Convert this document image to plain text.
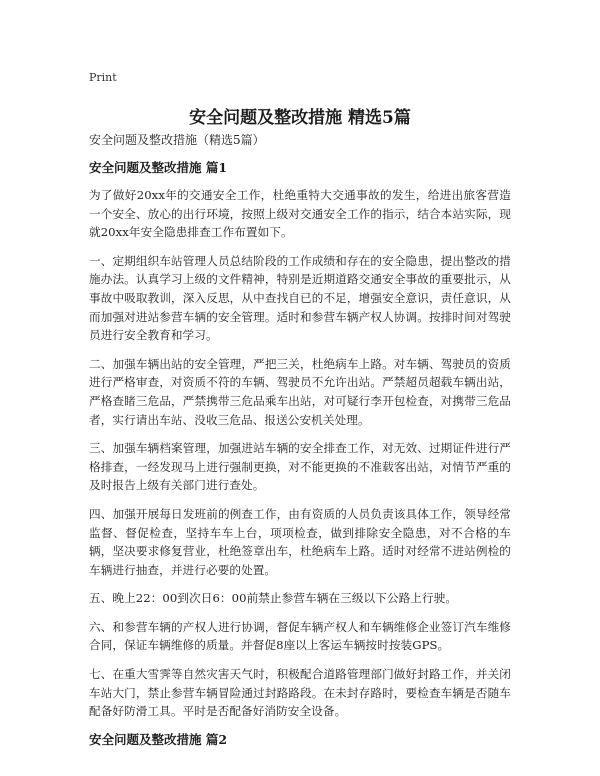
Print
安全问题及整改措施 精选5篇

安全问题及整改措施（精选5篇）

安全问题及整改措施 篇1

为了做好20xx年的交通安全工作，杜绝重特大交通事故的发生，给进出旅客营造一个安全、放心的出行环境，按照上级对交通安全工作的指示，结合本站实际，现就20xx年安全隐患排查工作布置如下。

一、定期组织车站管理人员总结阶段的工作成绩和存在的安全隐患，提出整改的措施办法。认真学习上级的文件精神，特别是近期道路交通安全事故的重要批示，从事故中吸取教训，深入反思，从中查找自已的不足，增强安全意识，责任意识，从而加强对进站参营车辆的安全管理。适时和参营车辆产权人协调。按排时间对驾驶员进行安全教育和学习。

二、加强车辆出站的安全管理，严把三关，杜绝病车上路。对车辆、驾驶员的资质进行严格审查，对资质不符的车辆、驾驶员不允许出站。严禁超员超载车辆出站，严格查睹三危品，严禁携带三危品乘车出站，对可疑行李开包检查，对携带三危品者，实行请出车站、没收三危品、报送公安机关处理。

三、加强车辆档案管理，加强进站车辆的安全排查工作，对无效、过期证件进行严格排查，一经发现马上进行强制更换，对不能更换的不准载客出站，对情节严重的及时报告上级有关部门进行查处。

四、加强开展每日发班前的例查工作，由有资质的人员负责该具体工作，领导经常监督、督促检查，坚持车车上台，项项检查，做到排除安全隐患，对不合格的车辆，坚决要求修复营业，杜绝签章出车，杜绝病车上路。适时对经常不进站例检的车辆进行抽查，并进行必要的处置。

五、晚上22：00到次日6：00前禁止参营车辆在三级以下公路上行驶。

六、和参营车辆的产权人进行协调，督促车辆产权人和车辆维修企业签订汽车维修合同，保证车辆维修的质量。并督促8座以上客运车辆按时按装GPS。

七、在重大雪霁等自然灾害天气时，积极配合道路管理部门做好封路工作，并关闭车站大门，禁止参营车辆冒险通过封路路段。在未封存路时，要检查车辆是否随车配备好防滑工具。平时是否配备好消防安全设备。

安全问题及整改措施 篇2
